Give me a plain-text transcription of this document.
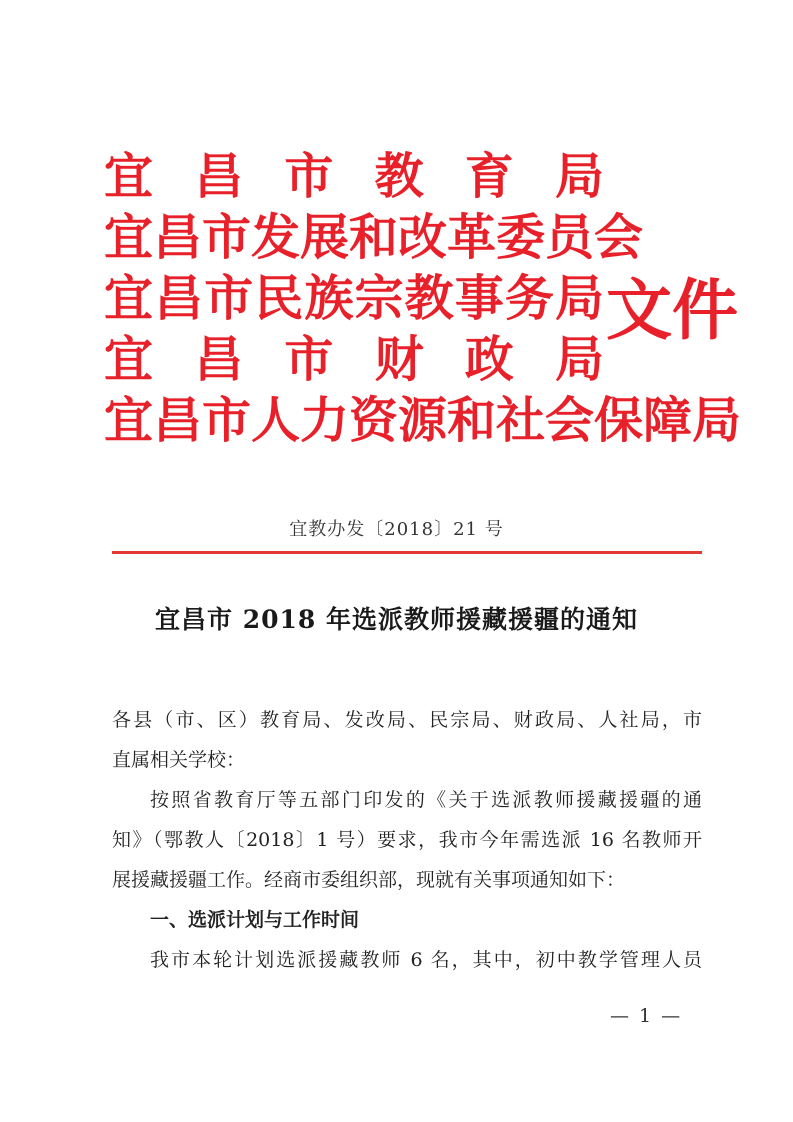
宜昌市教育局
宜昌市发展和改革委员会
宜昌市民族宗教事务局
宜昌市财政局
宜昌市人力资源和社会保障局
文件
宜教办发〔2018〕21 号
宜昌市 2018 年选派教师援藏援疆的通知
各县（市、区）教育局、发改局、民宗局、财政局、人社局，市
直属相关学校：
按照省教育厅等五部门印发的《关于选派教师援藏援疆的通
知》（鄂教人〔2018〕1 号）要求，我市今年需选派 16 名教师开
展援藏援疆工作。经商市委组织部，现就有关事项通知如下：
一、选派计划与工作时间
我市本轮计划选派援藏教师 6 名，其中，初中教学管理人员
— 1 —
